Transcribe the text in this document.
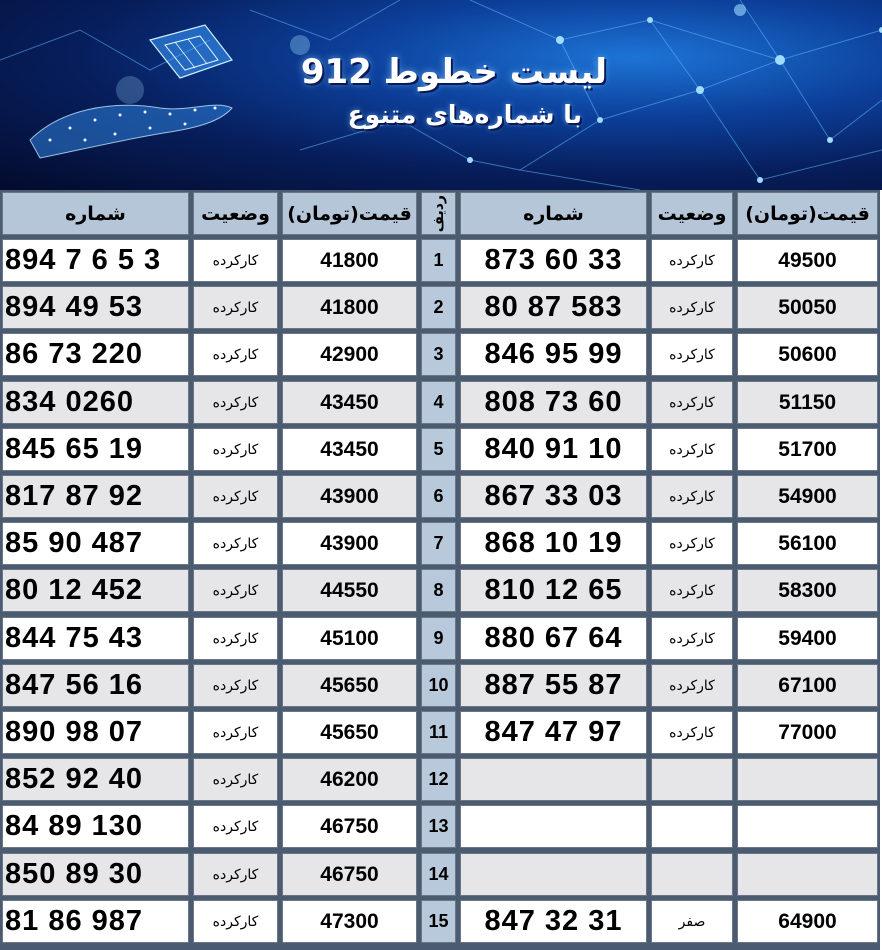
لیست خطوط 912
با شماره‌های متنوع
شماره	وضعیت قیمت(تومان)	ردیف	شماره	وضعیت قیمت(تومان)
894 7 6 5 3	کارکرده	41800	1	873 60 33	کارکرده	49500
894 49 53	کارکرده	41800	2	80 87 583	کارکرده	50050
86 73 220	کارکرده	42900	3	846 95 99	کارکرده	50600
834 0260	کارکرده	43450	4	808 73 60	کارکرده	51150
845 65 19	کارکرده	43450	5	840 91 10	کارکرده	51700
817 87 92	کارکرده	43900	6	867 33 03	کارکرده	54900
85 90 487	کارکرده	43900	7	868 10 19	کارکرده	56100
80 12 452	کارکرده	44550	8	810 12 65	کارکرده	58300
844 75 43	کارکرده	45100	9	880 67 64	کارکرده	59400
847 56 16	کارکرده	45650	10	887 55 87	کارکرده	67100
890 98 07	کارکرده	45650	11	847 47 97	کارکرده	77000
852 92 40	کارکرده	46200	12
84 89 130	کارکرده	46750	13
850 89 30	کارکرده	46750	14
81 86 987	کارکرده	47300	15	847 32 31	صفر	64900
